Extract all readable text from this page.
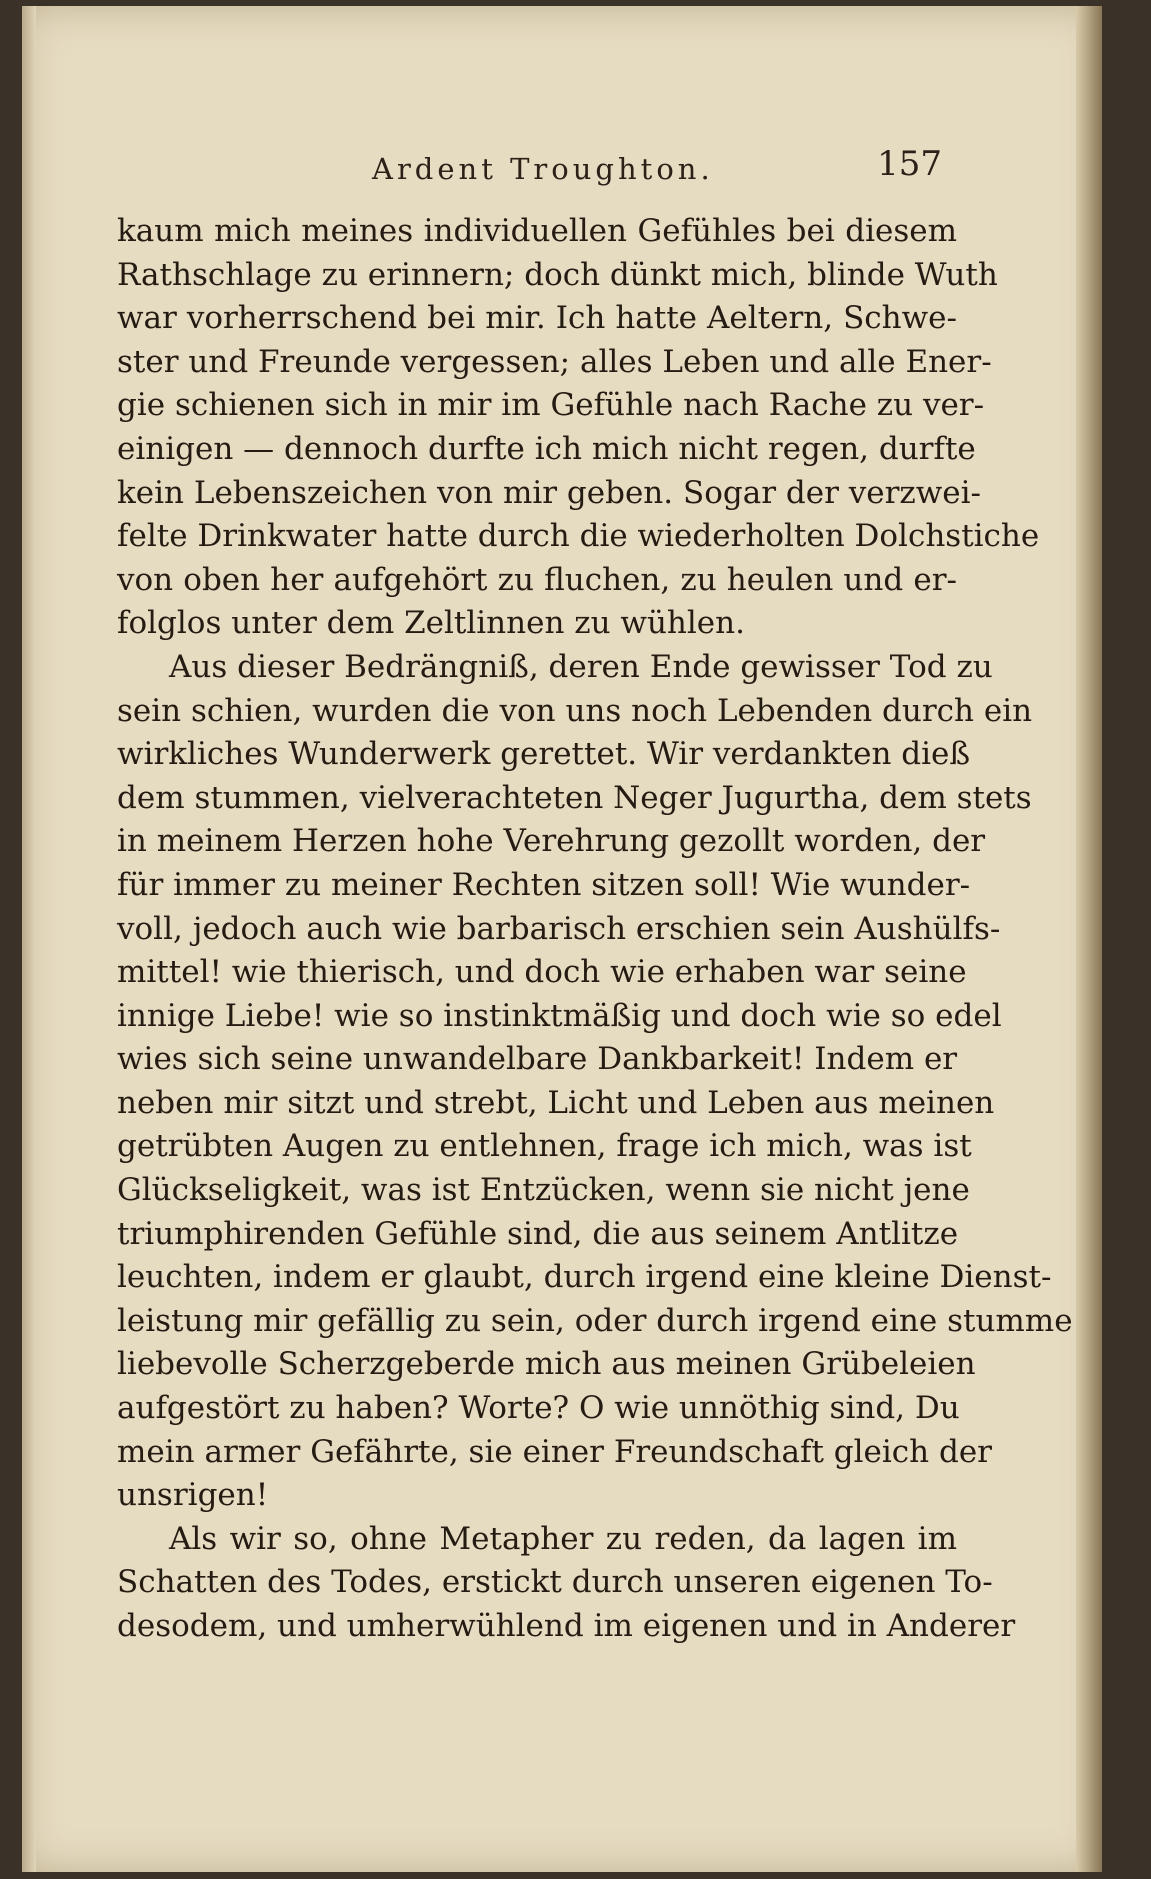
Ardent Troughton.	157
kaum mich meines individuellen Gefühles bei diesem
Rathschlage zu erinnern; doch dünkt mich, blinde Wuth
war vorherrschend bei mir. Ich hatte Aeltern, Schwe-
ster und Freunde vergessen; alles Leben und alle Ener-
gie schienen sich in mir im Gefühle nach Rache zu ver-
einigen — dennoch durfte ich mich nicht regen, durfte
kein Lebenszeichen von mir geben. Sogar der verzwei-
felte Drinkwater hatte durch die wiederholten Dolchstiche
von oben her aufgehört zu fluchen, zu heulen und er-
folglos unter dem Zeltlinnen zu wühlen.
Aus dieser Bedrängniß, deren Ende gewisser Tod zu
sein schien, wurden die von uns noch Lebenden durch ein
wirkliches Wunderwerk gerettet. Wir verdankten dieß
dem stummen, vielverachteten Neger Jugurtha, dem stets
in meinem Herzen hohe Verehrung gezollt worden, der
für immer zu meiner Rechten sitzen soll! Wie wunder-
voll, jedoch auch wie barbarisch erschien sein Aushülfs-
mittel! wie thierisch, und doch wie erhaben war seine
innige Liebe! wie so instinktmäßig und doch wie so edel
wies sich seine unwandelbare Dankbarkeit! Indem er
neben mir sitzt und strebt, Licht und Leben aus meinen
getrübten Augen zu entlehnen, frage ich mich, was ist
Glückseligkeit, was ist Entzücken, wenn sie nicht jene
triumphirenden Gefühle sind, die aus seinem Antlitze
leuchten, indem er glaubt, durch irgend eine kleine Dienst-
leistung mir gefällig zu sein, oder durch irgend eine stumme
liebevolle Scherzgeberde mich aus meinen Grübeleien
aufgestört zu haben? Worte? O wie unnöthig sind, Du
mein armer Gefährte, sie einer Freundschaft gleich der
unsrigen!
Als wir so, ohne Metapher zu reden, da lagen im
Schatten des Todes, erstickt durch unseren eigenen To-
desodem, und umherwühlend im eigenen und in Anderer
